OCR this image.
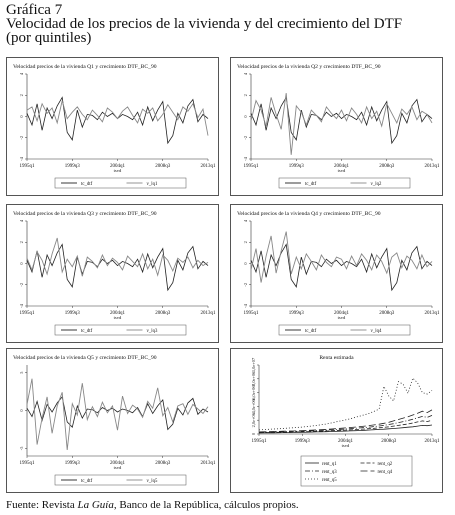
Gráfica 7
Velocidad de los precios de la vivienda y del crecimiento del DTF
(por quintiles)
Velocidad precios de la vivienda Q1 y crecimiento DTF_BC_90
-4
-2
0
2
4
1995q1	1999q3	2004q1	2008q3	2013q1
tsvd
tc_dtf	v_lq1
Velocidad precios de la vivienda Q2 y crecimiento DTF_BC_90
-4
-2
0
2
4
1995q1	1999q3	2004q1	2008q3	2013q1
tsvd
tc_dtf	v_lq2
Velocidad precios de la vivienda Q3 y crecimiento DTF_BC_90
-4
-2
0
2
4
1995q1	1999q3	2004q1	2008q3	2013q1
tsvd
tc_dtf	v_lq3
Velocidad precios de la vivienda Q4 y crecimiento DTF_BC_90
-4
-2
0
2
4
1995q1	1999q3	2004q1	2008q3	2013q1
tsvd
tc_dtf	v_lq4
Velocidad precios de la vivienda Q5 y crecimiento DTF_BC_90
-5
0
5
1995q1	1999q3	2004q1	2008q3	2013q1
tsvd
tc_dtf	v_lq5
Renta estimada
0
2,0e+06
4,0e+06
6,0e+06
8,0e+06
1,0e+07
1995q1	1999q3	2004q1	2008q3	2013q1
tsvd
rent_q1	rent_q2
rent_q3	rent_q4
rent_q5
Fuente: Revista La Guía, Banco de la República, cálculos propios.
